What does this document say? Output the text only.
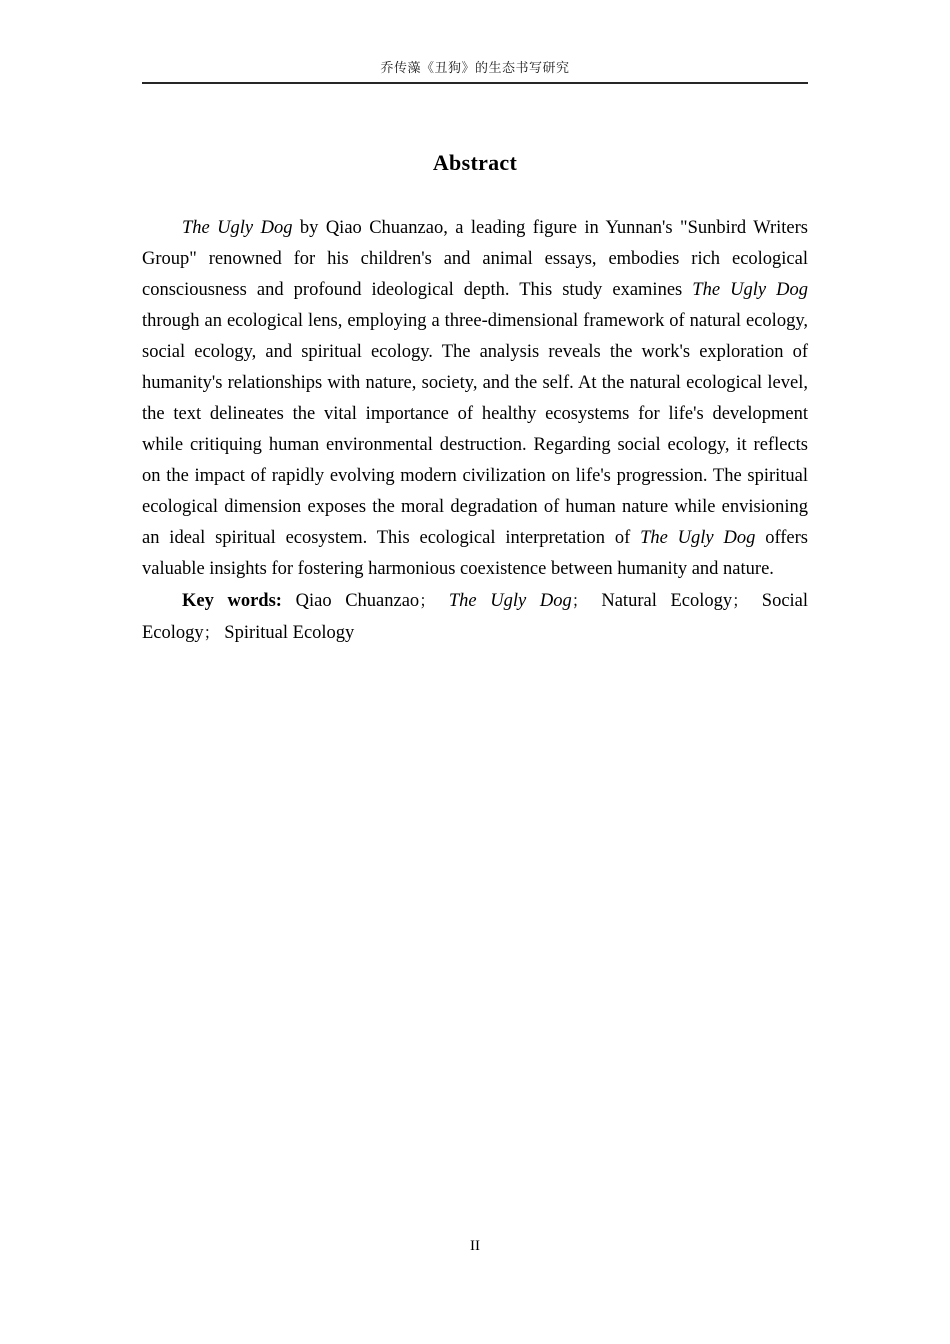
乔传藻《丑狗》的生态书写研究
Abstract

The Ugly Dog by Qiao Chuanzao, a leading figure in Yunnan's "Sunbird Writers Group" renowned for his children's and animal essays, embodies rich ecological consciousness and profound ideological depth. This study examines The Ugly Dog through an ecological lens, employing a three-dimensional framework of natural ecology, social ecology, and spiritual ecology. The analysis reveals the work's exploration of humanity's relationships with nature, society, and the self. At the natural ecological level, the text delineates the vital importance of healthy ecosystems for life's development while critiquing human environmental destruction. Regarding social ecology, it reflects on the impact of rapidly evolving modern civilization on life's progression. The spiritual ecological dimension exposes the moral degradation of human nature while envisioning an ideal spiritual ecosystem. This ecological interpretation of The Ugly Dog offers valuable insights for fostering harmonious coexistence between humanity and nature.

Key words: Qiao Chuanzao； The Ugly Dog； Natural Ecology； Social Ecology； Spiritual Ecology

II
